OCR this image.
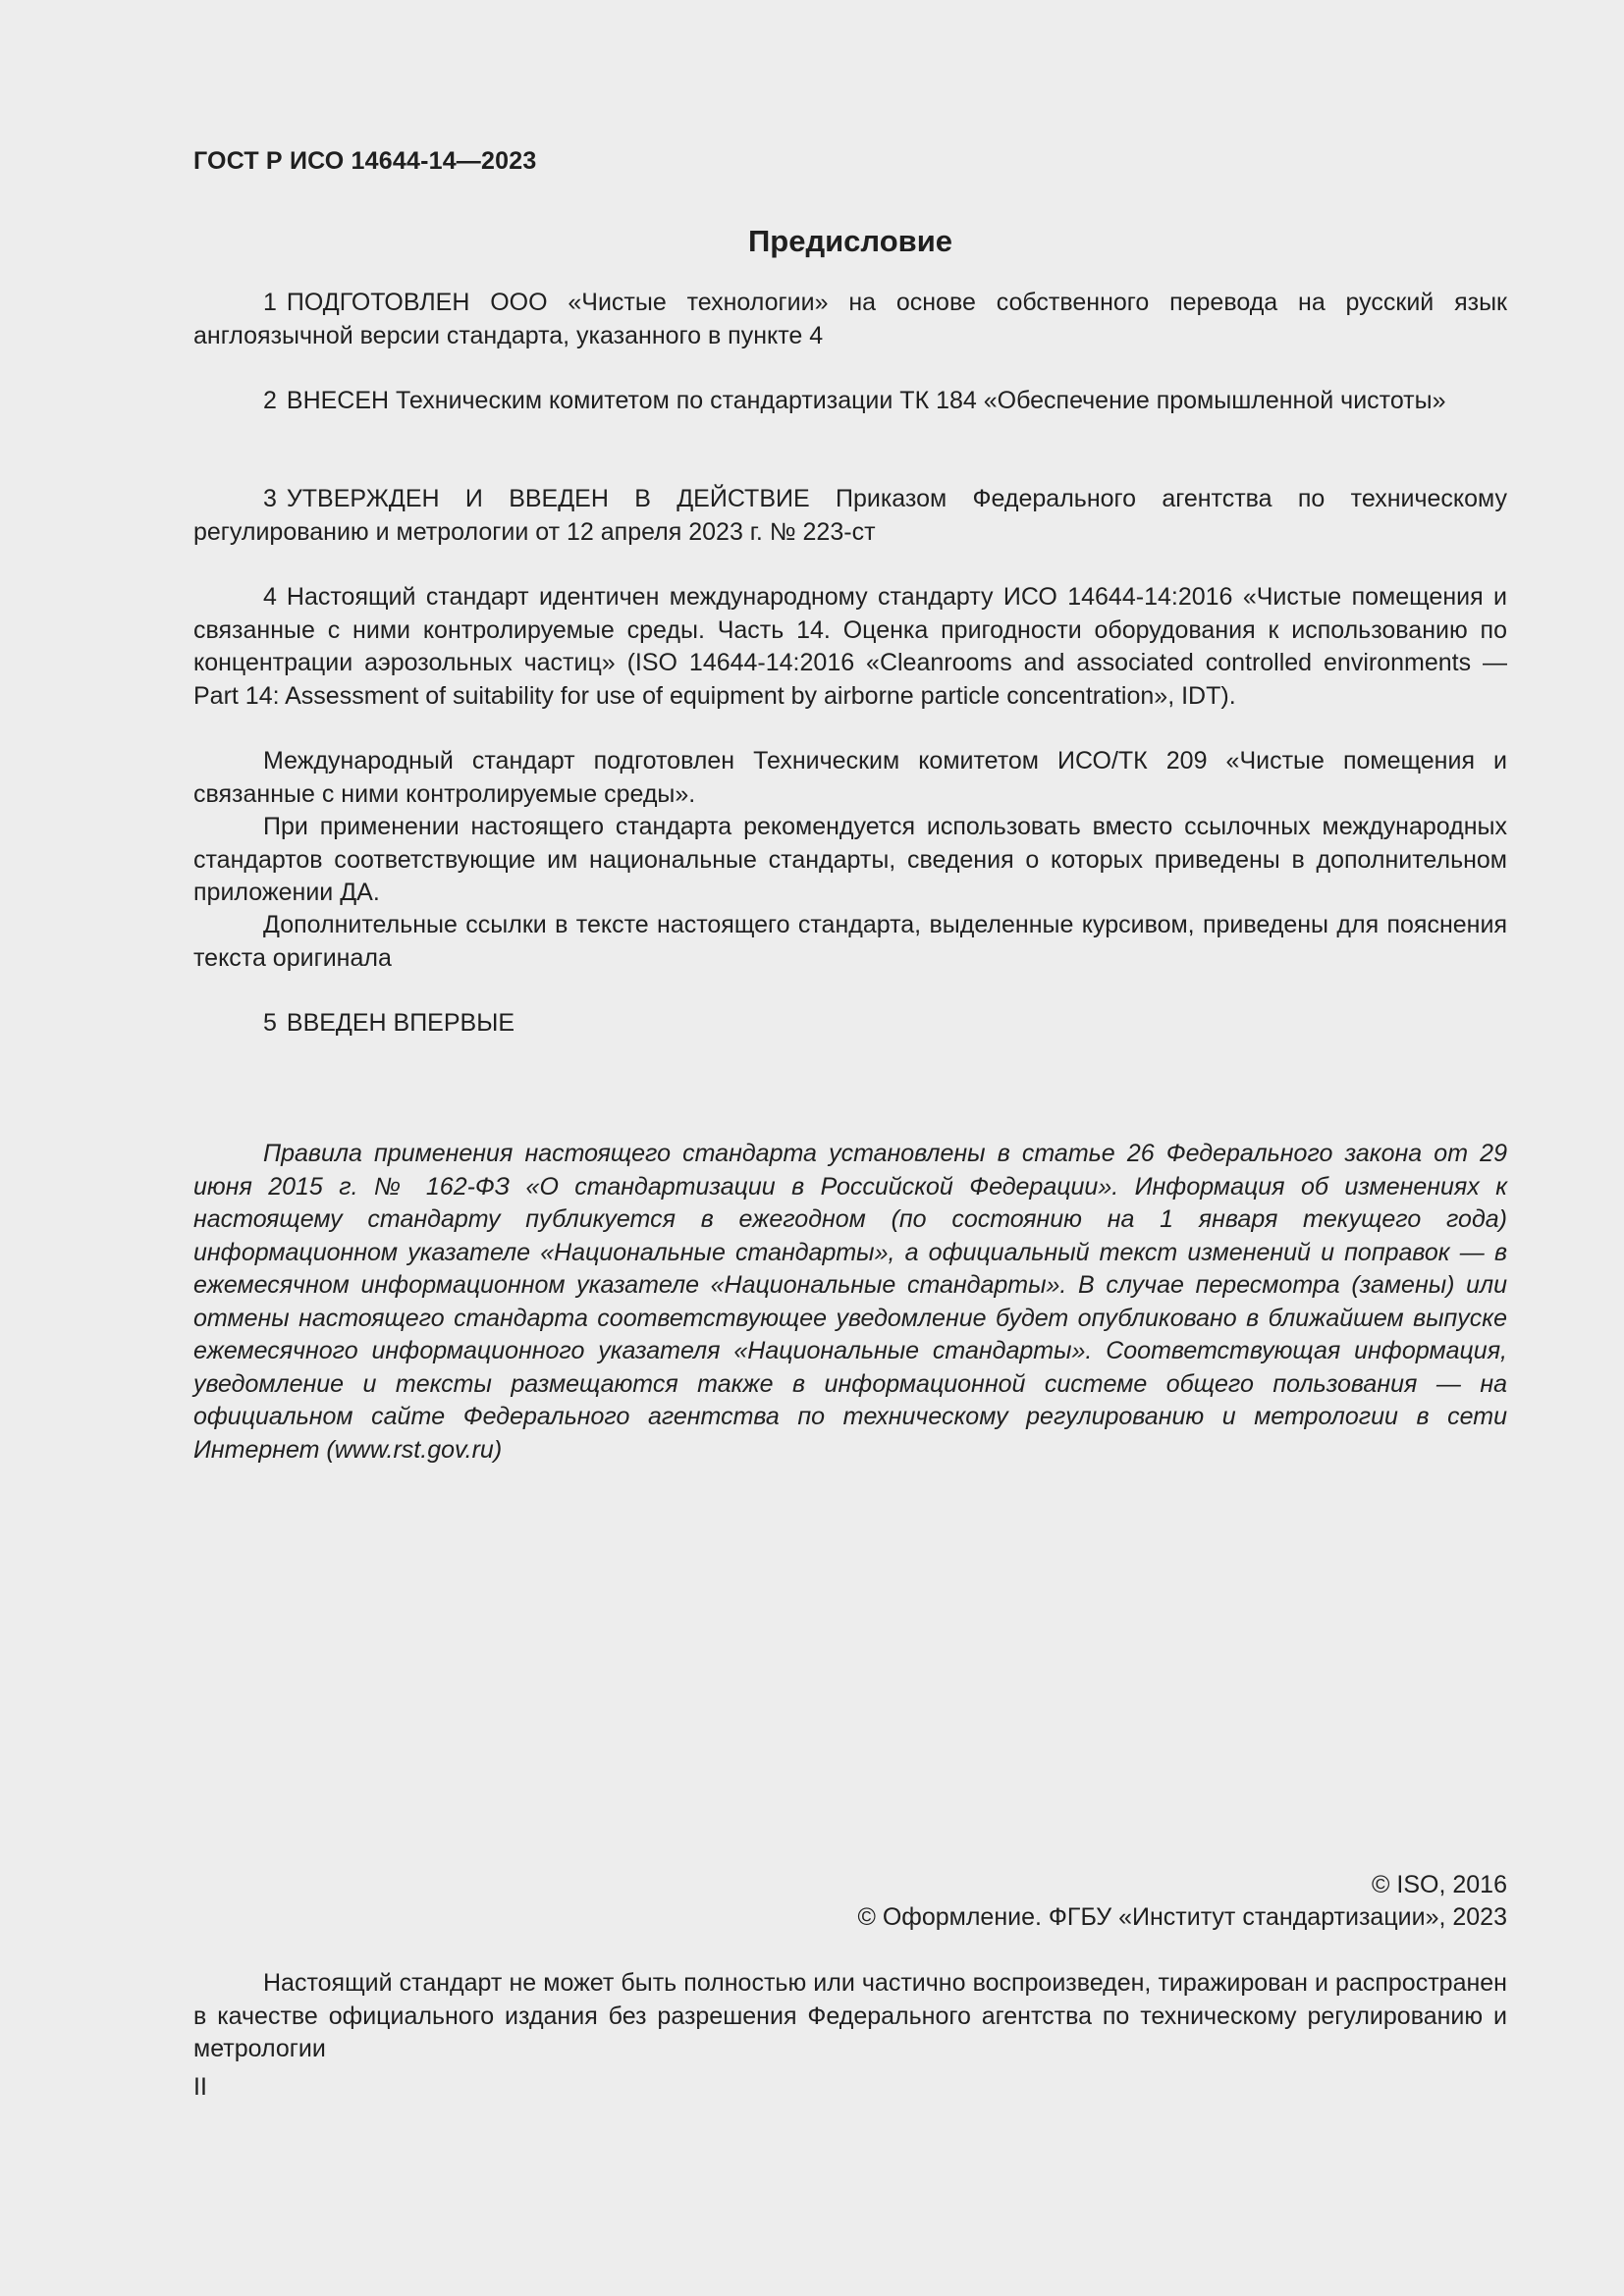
ГОСТ Р ИСО 14644-14—2023
Предисловие

1 ПОДГОТОВЛЕН ООО «Чистые технологии» на основе собственного перевода на русский язык англоязычной версии стандарта, указанного в пункте 4

2 ВНЕСЕН Техническим комитетом по стандартизации ТК 184 «Обеспечение промышленной чистоты»

3 УТВЕРЖДЕН И ВВЕДЕН В ДЕЙСТВИЕ Приказом Федерального агентства по техническому регулированию и метрологии от 12 апреля 2023 г. № 223-ст

4 Настоящий стандарт идентичен международному стандарту ИСО 14644-14:2016 «Чистые помещения и связанные с ними контролируемые среды. Часть 14. Оценка пригодности оборудования к использованию по концентрации аэрозольных частиц» (ISO 14644-14:2016 «Cleanrooms and associated controlled environments — Part 14: Assessment of suitability for use of equipment by airborne particle concentration», IDT).

Международный стандарт подготовлен Техническим комитетом ИСО/ТК 209 «Чистые помещения и связанные с ними контролируемые среды».

При применении настоящего стандарта рекомендуется использовать вместо ссылочных международных стандартов соответствующие им национальные стандарты, сведения о которых приведены в дополнительном приложении ДА.

Дополнительные ссылки в тексте настоящего стандарта, выделенные курсивом, приведены для пояснения текста оригинала

5 ВВЕДЕН ВПЕРВЫЕ

Правила применения настоящего стандарта установлены в статье 26 Федерального закона от 29 июня 2015 г. № 162-ФЗ «О стандартизации в Российской Федерации». Информация об изменениях к настоящему стандарту публикуется в ежегодном (по состоянию на 1 января текущего года) информационном указателе «Национальные стандарты», а официальный текст изменений и поправок — в ежемесячном информационном указателе «Национальные стандарты». В случае пересмотра (замены) или отмены настоящего стандарта соответствующее уведомление будет опубликовано в ближайшем выпуске ежемесячного информационного указателя «Национальные стандарты». Соответствующая информация, уведомление и тексты размещаются также в информационной системе общего пользования — на официальном сайте Федерального агентства по техническому регулированию и метрологии в сети Интернет (www.rst.gov.ru)

© ISO, 2016
© Оформление. ФГБУ «Институт стандартизации», 2023

Настоящий стандарт не может быть полностью или частично воспроизведен, тиражирован и распространен в качестве официального издания без разрешения Федерального агентства по техническому регулированию и метрологии

II
